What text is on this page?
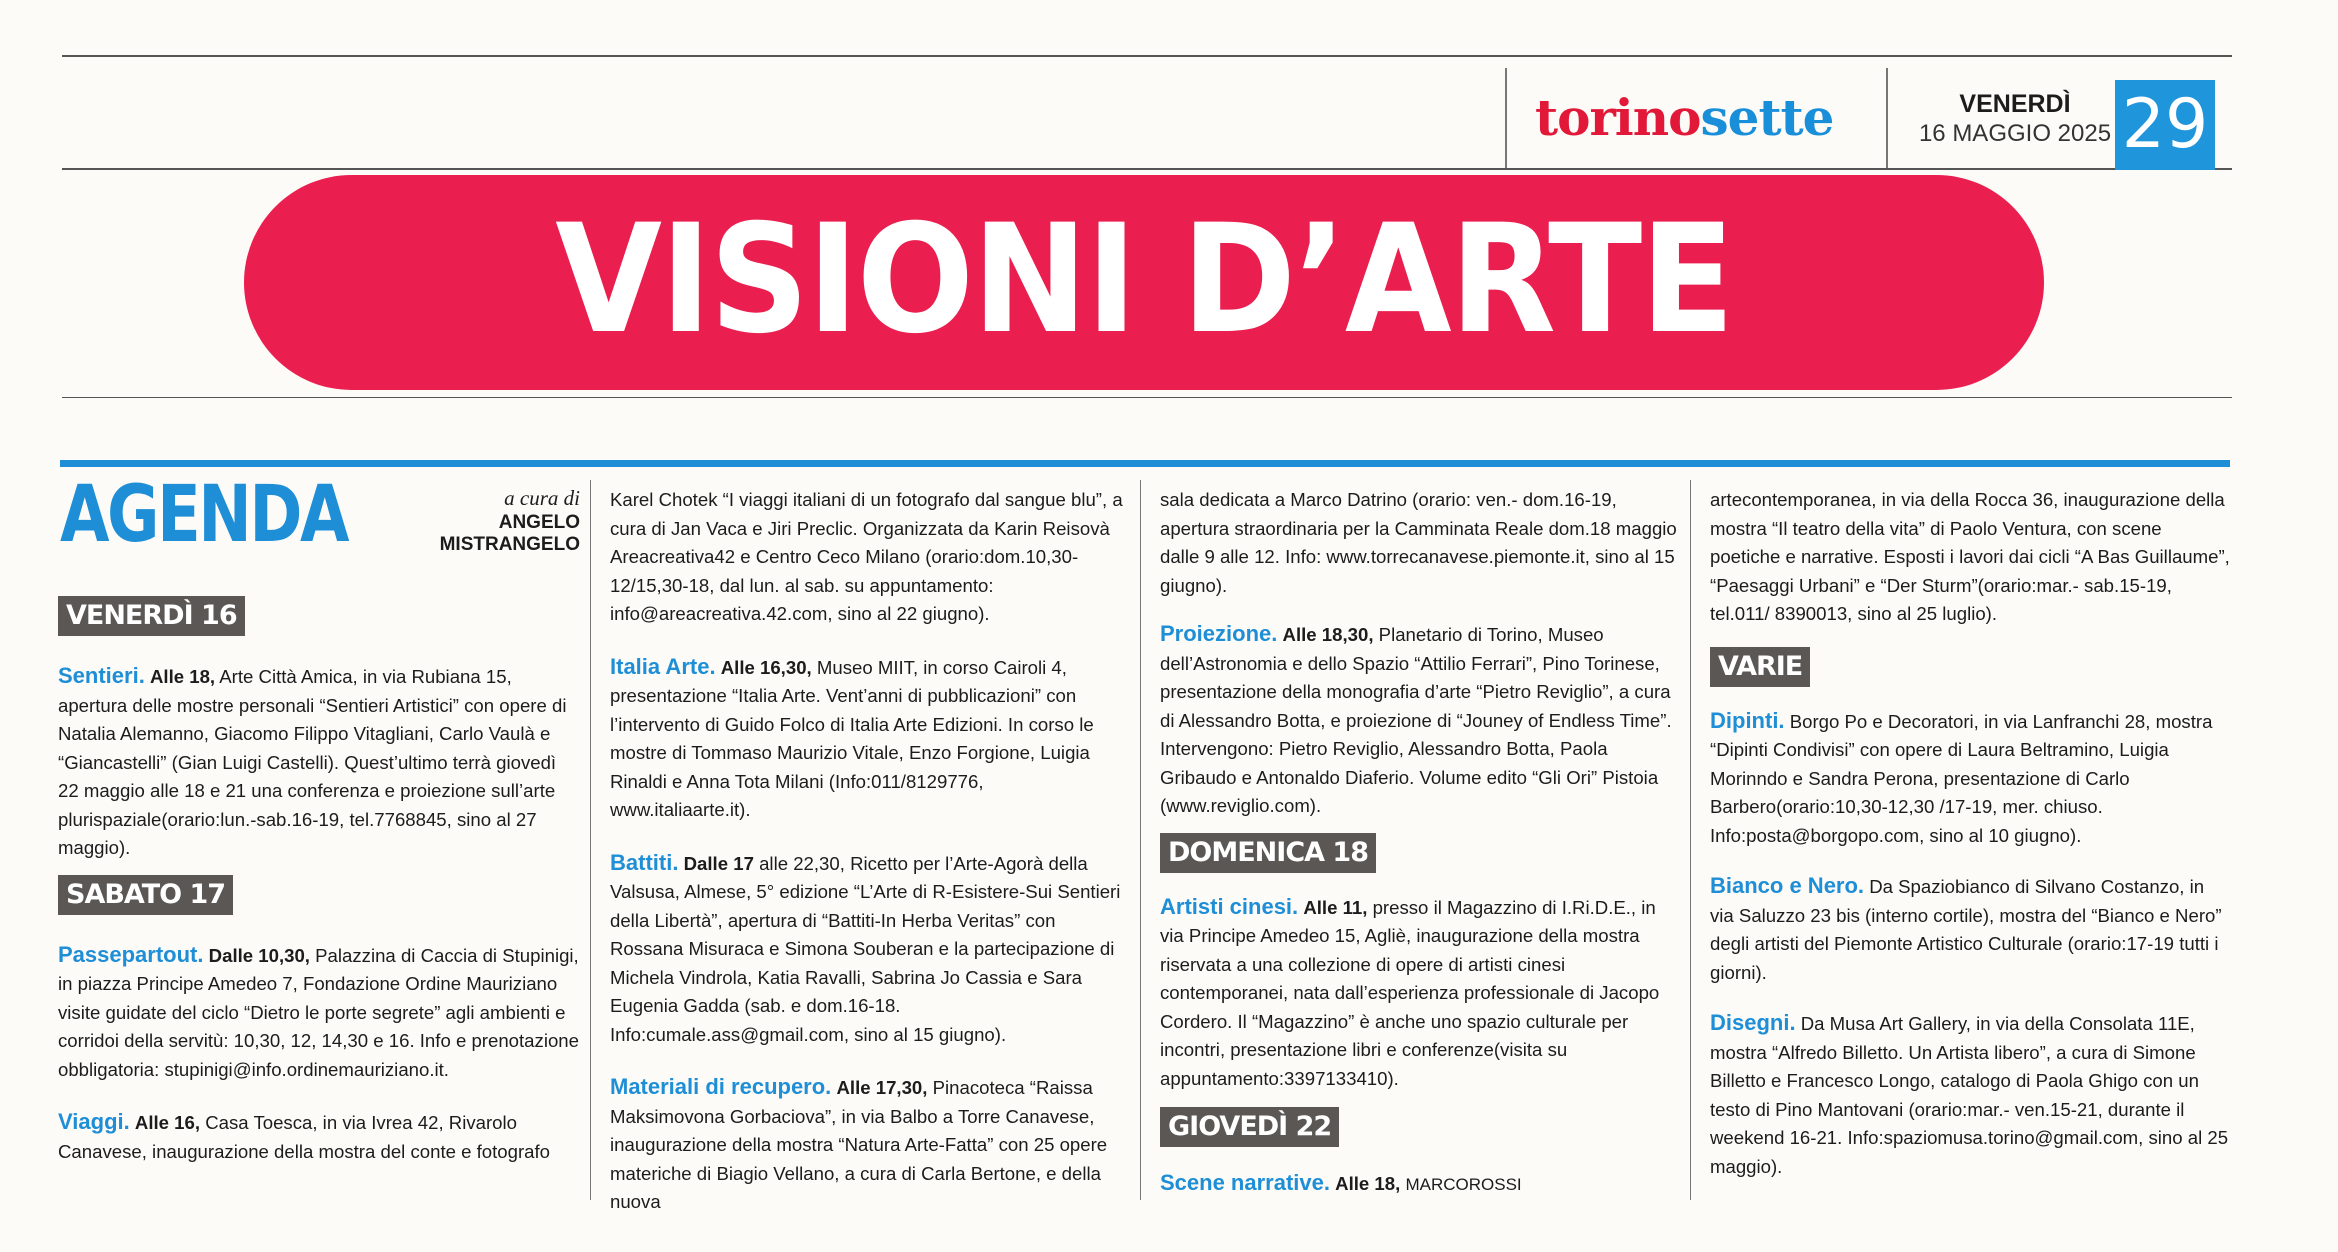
torinosette	VENERDÌ
16 MAGGIO 2025 29
VISIONI D’ARTE
AGENDA	a cura di
ANGELO MISTRANGELO
VENERDÌ 16

Sentieri. Alle 18, Arte Città Amica, in via Rubiana 15, apertura delle mostre personali “Sentieri Artistici” con opere di Natalia Alemanno, Giacomo Filippo Vitagliani, Carlo Vaulà e “Giancastelli” (Gian Luigi Castelli). Quest’ultimo terrà giovedì 22 maggio alle 18 e 21 una conferenza e proiezione sull’arte plurispaziale(orario:lun.-sab.16-19, tel.7768845, sino al 27 maggio).

SABATO 17

Passepartout. Dalle 10,30, Palazzina di Caccia di Stupinigi, in piazza Principe Amedeo 7, Fondazione Ordine Mauriziano visite guidate del ciclo “Dietro le porte segrete” agli ambienti e corridoi della servitù: 10,30, 12, 14,30 e 16. Info e prenotazione obbligatoria: stupinigi@info.ordinemauriziano.it.

Viaggi. Alle 16, Casa Toesca, in via Ivrea 42, Rivarolo Canavese, inaugurazione della mostra del conte e fotografo

Karel Chotek “I viaggi italiani di un fotografo dal sangue blu”, a cura di Jan Vaca e Jiri Preclic. Organizzata da Karin Reisovà Areacreativa42 e Centro Ceco Milano (orario:dom.10,30-12/15,30-18, dal lun. al sab. su appuntamento: info@areacreativa.42.com, sino al 22 giugno).

Italia Arte. Alle 16,30, Museo MIIT, in corso Cairoli 4, presentazione “Italia Arte. Vent’anni di pubblicazioni” con l’intervento di Guido Folco di Italia Arte Edizioni. In corso le mostre di Tommaso Maurizio Vitale, Enzo Forgione, Luigia Rinaldi e Anna Tota Milani (Info:011/8129776, www.italiaarte.it).

Battiti. Dalle 17 alle 22,30, Ricetto per l’Arte-Agorà della Valsusa, Almese, 5° edizione “L’Arte di R-Esistere-Sui Sentieri della Libertà”, apertura di “Battiti-In Herba Veritas” con Rossana Misuraca e Simona Souberan e la partecipazione di Michela Vindrola, Katia Ravalli, Sabrina Jo Cassia e Sara Eugenia Gadda (sab. e dom.16-18. Info:cumale.ass@gmail.com, sino al 15 giugno).

Materiali di recupero. Alle 17,30, Pinacoteca “Raissa Maksimovona Gorbaciova”, in via Balbo a Torre Canavese, inaugurazione della mostra “Natura Arte-Fatta” con 25 opere materiche di Biagio Vellano, a cura di Carla Bertone, e della nuova

sala dedicata a Marco Datrino (orario: ven.- dom.16-19, apertura straordinaria per la Camminata Reale dom.18 maggio dalle 9 alle 12. Info: www.torrecanavese.piemonte.it, sino al 15 giugno).

Proiezione. Alle 18,30, Planetario di Torino, Museo dell’Astronomia e dello Spazio “Attilio Ferrari”, Pino Torinese, presentazione della monografia d’arte “Pietro Reviglio”, a cura di Alessandro Botta, e proiezione di “Jouney of Endless Time”. Intervengono: Pietro Reviglio, Alessandro Botta, Paola Gribaudo e Antonaldo Diaferio. Volume edito “Gli Ori” Pistoia (www.reviglio.com).

DOMENICA 18

Artisti cinesi. Alle 11, presso il Magazzino di I.Ri.D.E., in via Principe Amedeo 15, Agliè, inaugurazione della mostra riservata a una collezione di opere di artisti cinesi contemporanei, nata dall’esperienza professionale di Jacopo Cordero. Il “Magazzino” è anche uno spazio culturale per incontri, presentazione libri e conferenze(visita su appuntamento:3397133410).

GIOVEDÌ 22

Scene narrative. Alle 18, MARCOROSSI

artecontemporanea, in via della Rocca 36, inaugurazione della mostra “Il teatro della vita” di Paolo Ventura, con scene poetiche e narrative. Esposti i lavori dai cicli “A Bas Guillaume”, “Paesaggi Urbani” e “Der Sturm”(orario:mar.- sab.15-19, tel.011/ 8390013, sino al 25 luglio).

VARIE

Dipinti. Borgo Po e Decoratori, in via Lanfranchi 28, mostra “Dipinti Condivisi” con opere di Laura Beltramino, Luigia Morinndo e Sandra Perona, presentazione di Carlo Barbero(orario:10,30-12,30 /17-19, mer. chiuso. Info:posta@borgopo.com, sino al 10 giugno).

Bianco e Nero. Da Spaziobianco di Silvano Costanzo, in via Saluzzo 23 bis (interno cortile), mostra del “Bianco e Nero” degli artisti del Piemonte Artistico Culturale (orario:17-19 tutti i giorni).

Disegni. Da Musa Art Gallery, in via della Consolata 11E, mostra “Alfredo Billetto. Un Artista libero”, a cura di Simone Billetto e Francesco Longo, catalogo di Paola Ghigo con un testo di Pino Mantovani (orario:mar.- ven.15-21, durante il weekend 16-21. Info:spaziomusa.torino@gmail.com, sino al 25 maggio).
